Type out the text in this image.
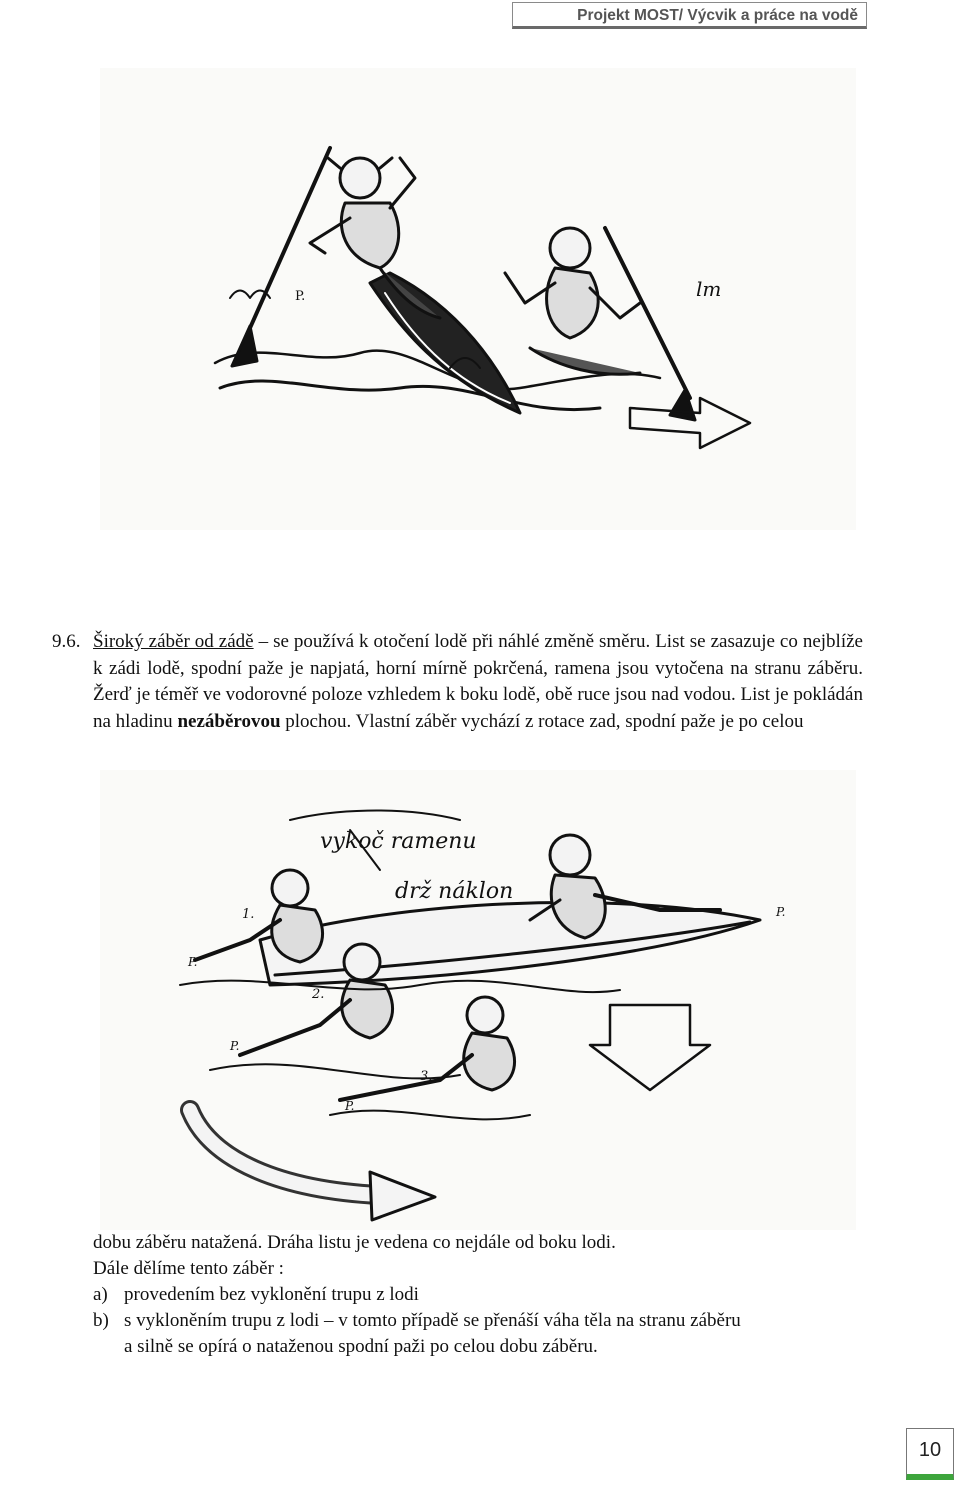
Projekt MOST/ Výcvik a práce na vodě
P.	lm
9.6. Široký záběr od zádě – se používá k otočení lodě při náhlé změně směru. List se zasazuje co nejblíže k zádi lodě, spodní paže je napjatá, horní mírně pokrčená, ramena jsou vytočena na stranu záběru. Žerď je téměř ve vodorovné poloze vzhledem k boku lodě, obě ruce jsou nad vodou. List je pokládán na hladinu nezáběrovou plochou. Vlastní záběr vychází z rotace zad, spodní paže je po celou
vykoč ramenu
drž náklon
1.
2.
3.
P.
P.
P.
P.
dobu záběru natažená. Dráha listu je vedena co nejdále od boku lodi.
Dále dělíme tento záběr :
a) provedením bez vyklonění trupu z lodi
b) s vykloněním trupu z lodi – v tomto případě se přenáší váha těla na stranu záběru
a silně se opírá o nataženou spodní paži po celou dobu záběru.
10
